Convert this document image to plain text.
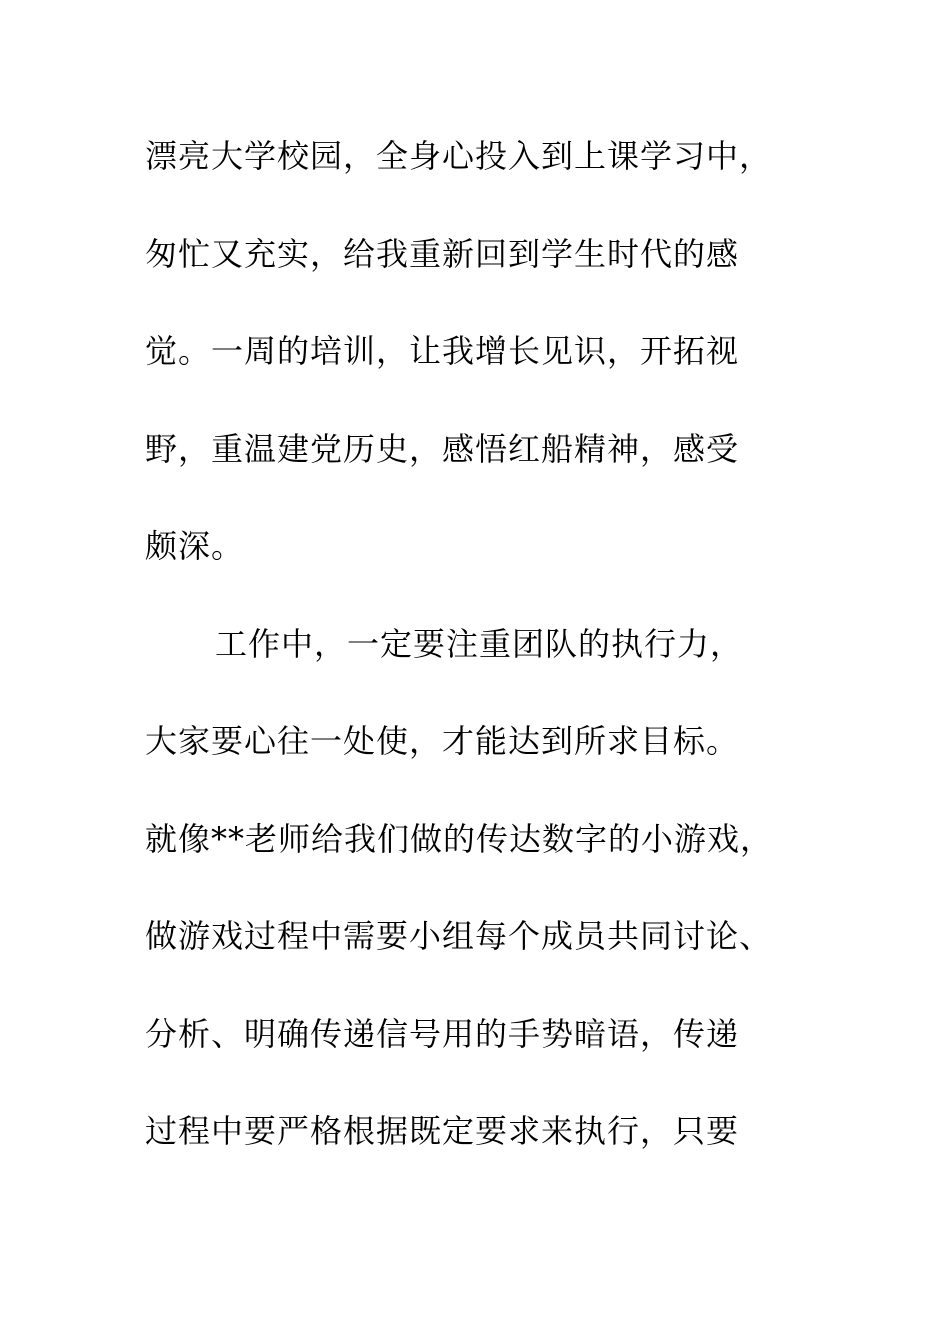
漂亮大学校园，全身心投入到上课学习中，
匆忙又充实，给我重新回到学生时代的感
觉。一周的培训，让我增长见识，开拓视
野，重温建党历史，感悟红船精神，感受
颇深。
工作中，一定要注重团队的执行力，
大家要心往一处使，才能达到所求目标。
就像**老师给我们做的传达数字的小游戏，
做游戏过程中需要小组每个成员共同讨论、
分析、明确传递信号用的手势暗语，传递
过程中要严格根据既定要求来执行，只要
